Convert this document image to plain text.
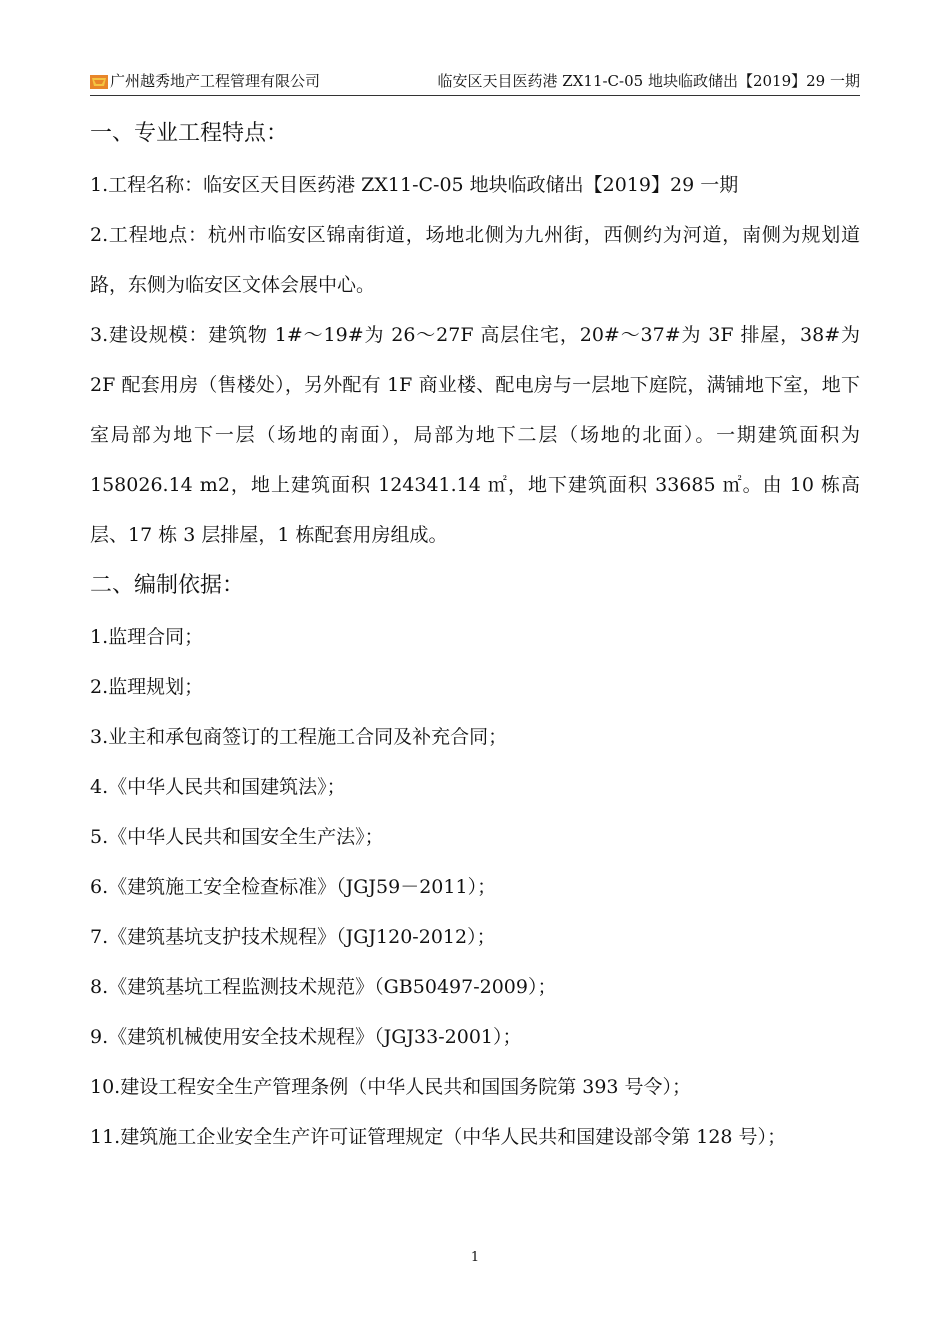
广州越秀地产工程管理有限公司	临安区天目医药港 ZX11-C-05 地块临政储出【2019】29 一期
一、专业工程特点：

1.工程名称：临安区天目医药港 ZX11-C-05 地块临政储出【2019】29 一期

2.工程地点：杭州市临安区锦南街道，场地北侧为九州街，西侧约为河道，南侧为规划道路，东侧为临安区文体会展中心。

3.建设规模：建筑物 1#～19#为 26～27F 高层住宅，20#～37#为 3F 排屋，38#为 2F 配套用房（售楼处），另外配有 1F 商业楼、配电房与一层地下庭院，满铺地下室，地下室局部为地下一层（场地的南面），局部为地下二层（场地的北面）。一期建筑面积为 158026.14 m2，地上建筑面积 124341.14 ㎡，地下建筑面积 33685 ㎡。由 10 栋高层、17 栋 3 层排屋，1 栋配套用房组成。

二、编制依据：

1.监理合同；

2.监理规划；

3.业主和承包商签订的工程施工合同及补充合同；

4.《中华人民共和国建筑法》；

5.《中华人民共和国安全生产法》；

6.《建筑施工安全检查标准》（JGJ59－2011）；

7.《建筑基坑支护技术规程》（JGJ120-2012）；

8.《建筑基坑工程监测技术规范》（GB50497-2009）；

9.《建筑机械使用安全技术规程》（JGJ33-2001）；

10.建设工程安全生产管理条例（中华人民共和国国务院第 393 号令）；

11.建筑施工企业安全生产许可证管理规定（中华人民共和国建设部令第 128 号）；

1
